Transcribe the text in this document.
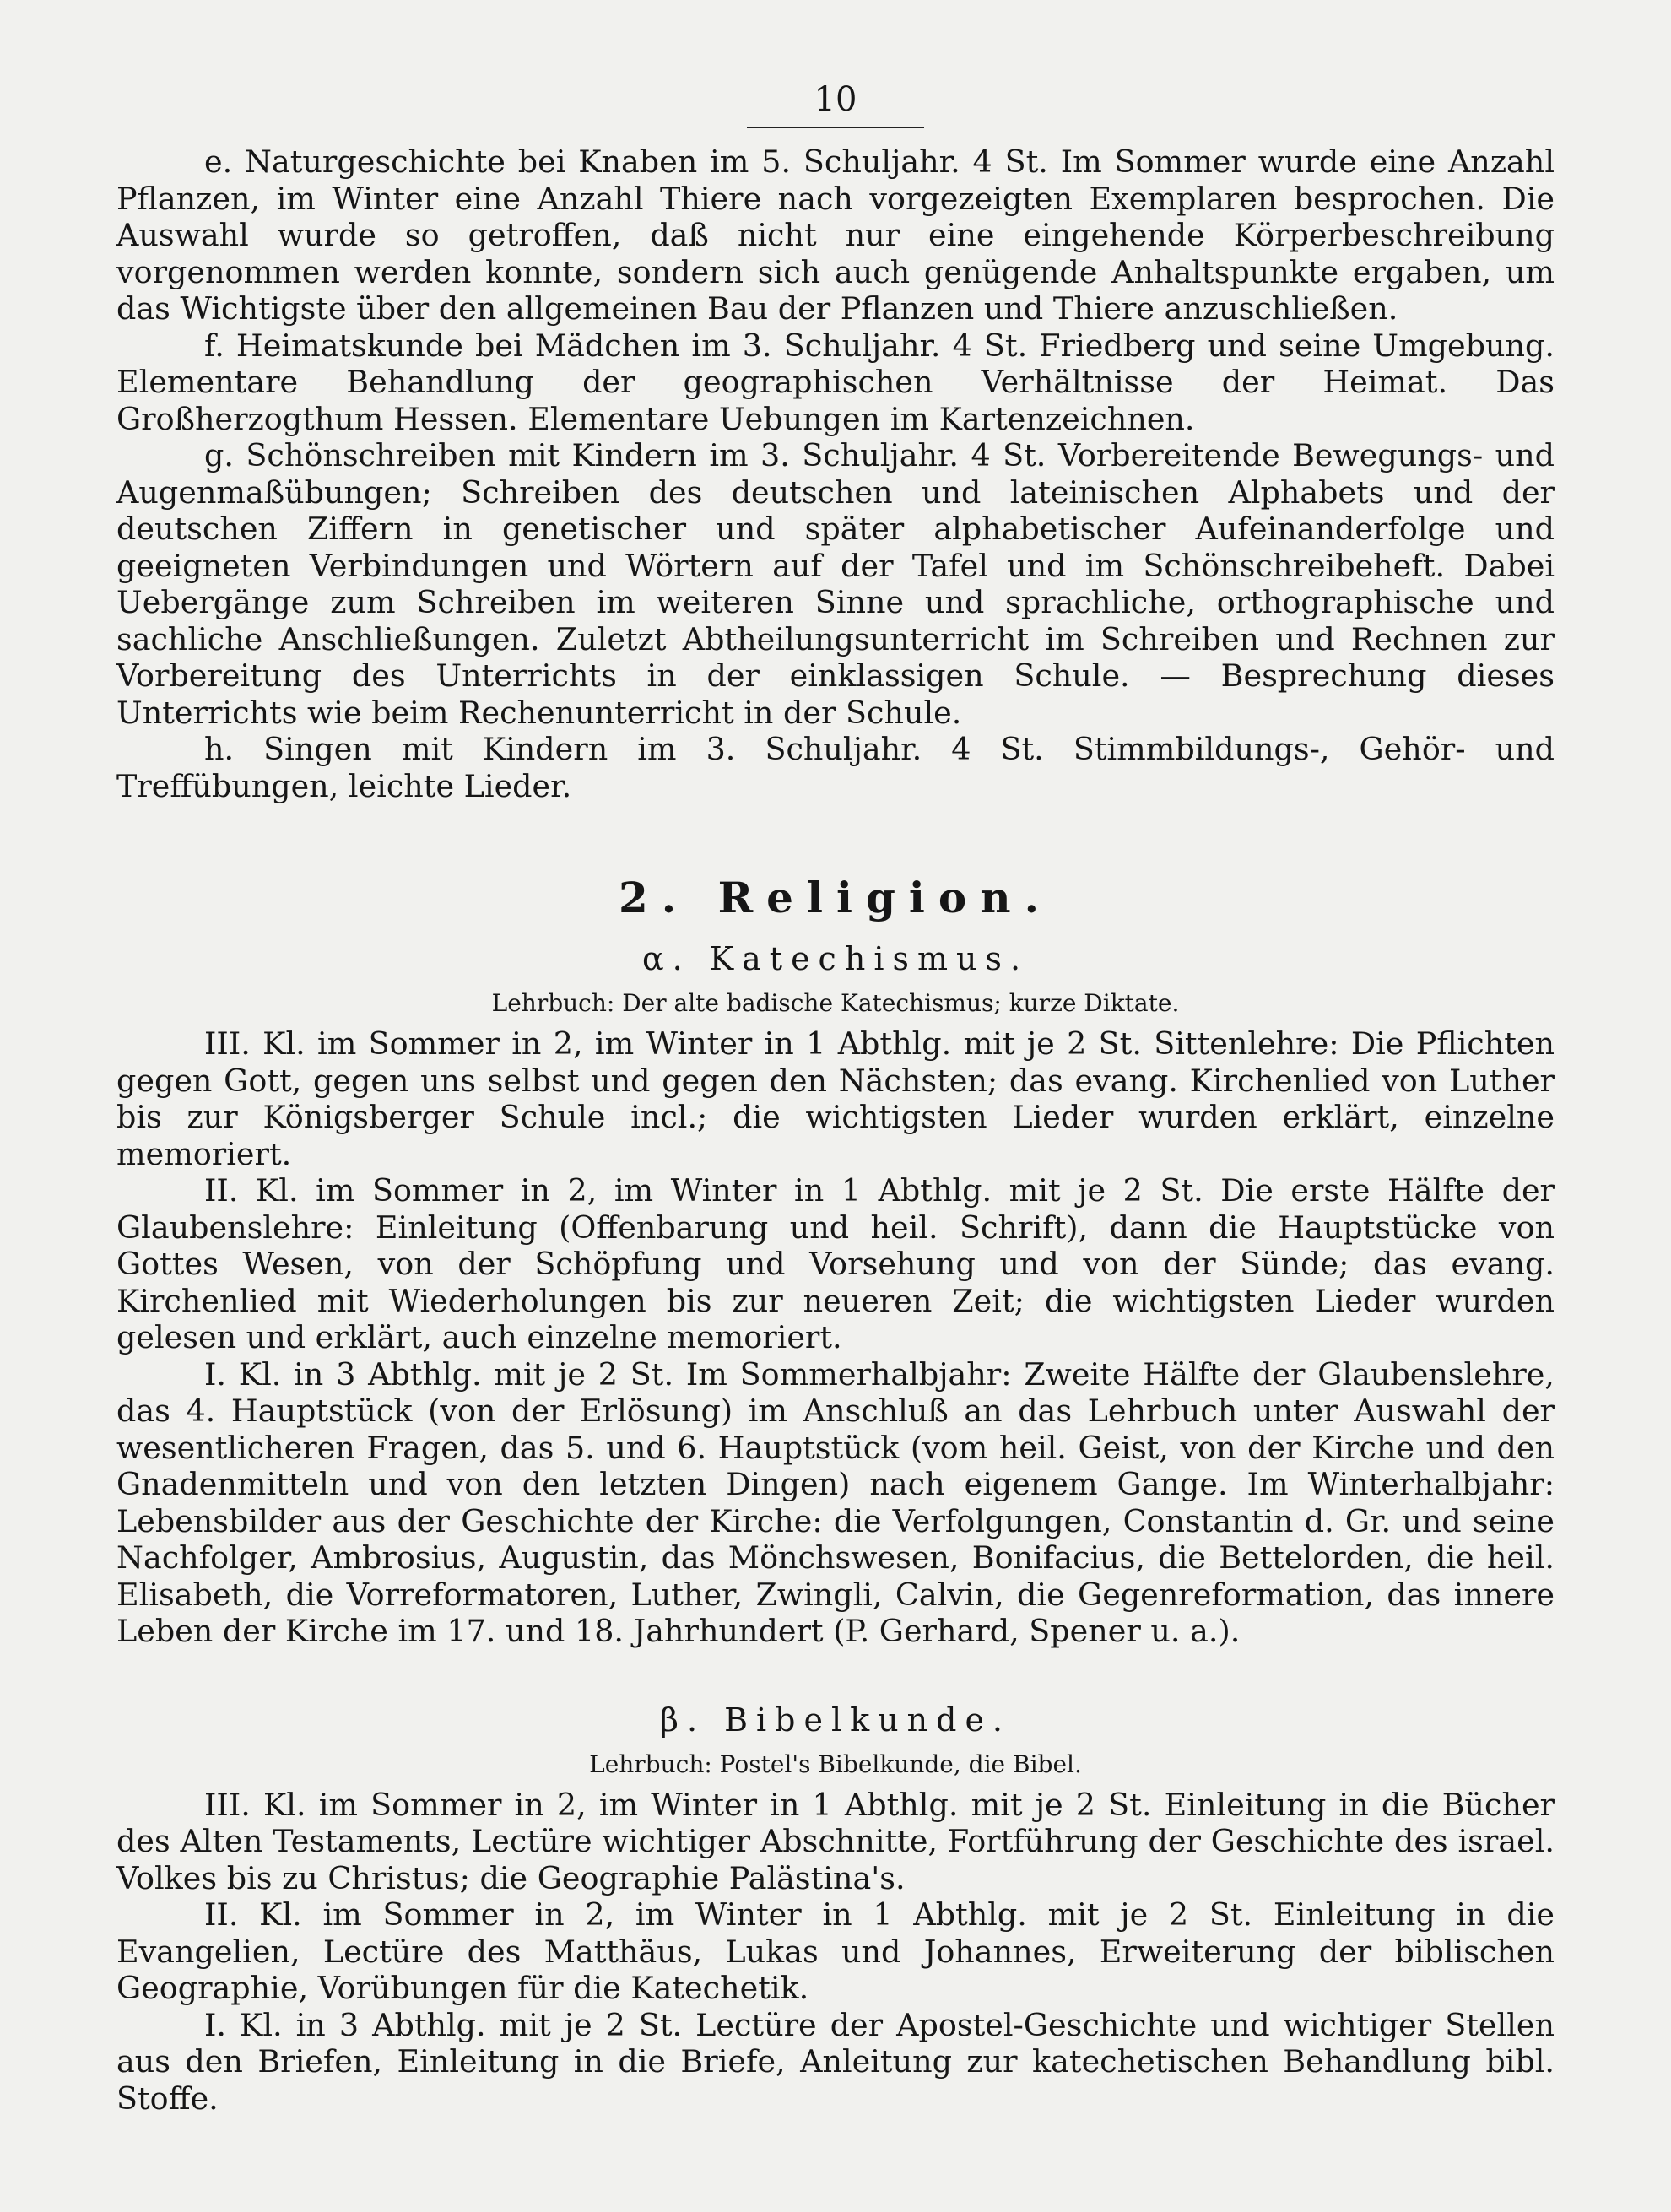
10

e. Naturgeschichte bei Knaben im 5. Schuljahr. 4 St. Im Sommer wurde eine Anzahl Pflanzen, im Winter eine Anzahl Thiere nach vorgezeigten Exemplaren besprochen. Die Auswahl wurde so getroffen, daß nicht nur eine eingehende Körperbeschreibung vorgenommen werden konnte, sondern sich auch genügende Anhaltspunkte ergaben, um das Wichtigste über den allgemeinen Bau der Pflanzen und Thiere anzuschließen.

f. Heimatskunde bei Mädchen im 3. Schuljahr. 4 St. Friedberg und seine Umgebung. Elementare Behandlung der geographischen Verhältnisse der Heimat. Das Großherzogthum Hessen. Elementare Uebungen im Kartenzeichnen.

g. Schönschreiben mit Kindern im 3. Schuljahr. 4 St. Vorbereitende Bewegungs- und Augenmaßübungen; Schreiben des deutschen und lateinischen Alphabets und der deutschen Ziffern in genetischer und später alphabetischer Aufeinanderfolge und geeigneten Verbindungen und Wörtern auf der Tafel und im Schönschreibeheft. Dabei Uebergänge zum Schreiben im weiteren Sinne und sprachliche, orthographische und sachliche Anschließungen. Zuletzt Abtheilungsunterricht im Schreiben und Rechnen zur Vorbereitung des Unterrichts in der einklassigen Schule. — Besprechung dieses Unterrichts wie beim Rechenunterricht in der Schule.

h. Singen mit Kindern im 3. Schuljahr. 4 St. Stimmbildungs-, Gehör- und Treffübungen, leichte Lieder.

2. Religion.
α. Katechismus.
Lehrbuch: Der alte badische Katechismus; kurze Diktate.

III. Kl. im Sommer in 2, im Winter in 1 Abthlg. mit je 2 St. Sittenlehre: Die Pflichten gegen Gott, gegen uns selbst und gegen den Nächsten; das evang. Kirchenlied von Luther bis zur Königsberger Schule incl.; die wichtigsten Lieder wurden erklärt, einzelne memoriert.

II. Kl. im Sommer in 2, im Winter in 1 Abthlg. mit je 2 St. Die erste Hälfte der Glaubenslehre: Einleitung (Offenbarung und heil. Schrift), dann die Hauptstücke von Gottes Wesen, von der Schöpfung und Vorsehung und von der Sünde; das evang. Kirchenlied mit Wiederholungen bis zur neueren Zeit; die wichtigsten Lieder wurden gelesen und erklärt, auch einzelne memoriert.

I. Kl. in 3 Abthlg. mit je 2 St. Im Sommerhalbjahr: Zweite Hälfte der Glaubenslehre, das 4. Hauptstück (von der Erlösung) im Anschluß an das Lehrbuch unter Auswahl der wesentlicheren Fragen, das 5. und 6. Hauptstück (vom heil. Geist, von der Kirche und den Gnadenmitteln und von den letzten Dingen) nach eigenem Gange. Im Winterhalbjahr: Lebensbilder aus der Geschichte der Kirche: die Verfolgungen, Constantin d. Gr. und seine Nachfolger, Ambrosius, Augustin, das Mönchswesen, Bonifacius, die Bettelorden, die heil. Elisabeth, die Vorreformatoren, Luther, Zwingli, Calvin, die Gegenreformation, das innere Leben der Kirche im 17. und 18. Jahrhundert (P. Gerhard, Spener u. a.).

β. Bibelkunde.
Lehrbuch: Postel's Bibelkunde, die Bibel.

III. Kl. im Sommer in 2, im Winter in 1 Abthlg. mit je 2 St. Einleitung in die Bücher des Alten Testaments, Lectüre wichtiger Abschnitte, Fortführung der Geschichte des israel. Volkes bis zu Christus; die Geographie Palästina's.

II. Kl. im Sommer in 2, im Winter in 1 Abthlg. mit je 2 St. Einleitung in die Evangelien, Lectüre des Matthäus, Lukas und Johannes, Erweiterung der biblischen Geographie, Vorübungen für die Katechetik.

I. Kl. in 3 Abthlg. mit je 2 St. Lectüre der Apostel-Geschichte und wichtiger Stellen aus den Briefen, Einleitung in die Briefe, Anleitung zur katechetischen Behandlung bibl. Stoffe.
